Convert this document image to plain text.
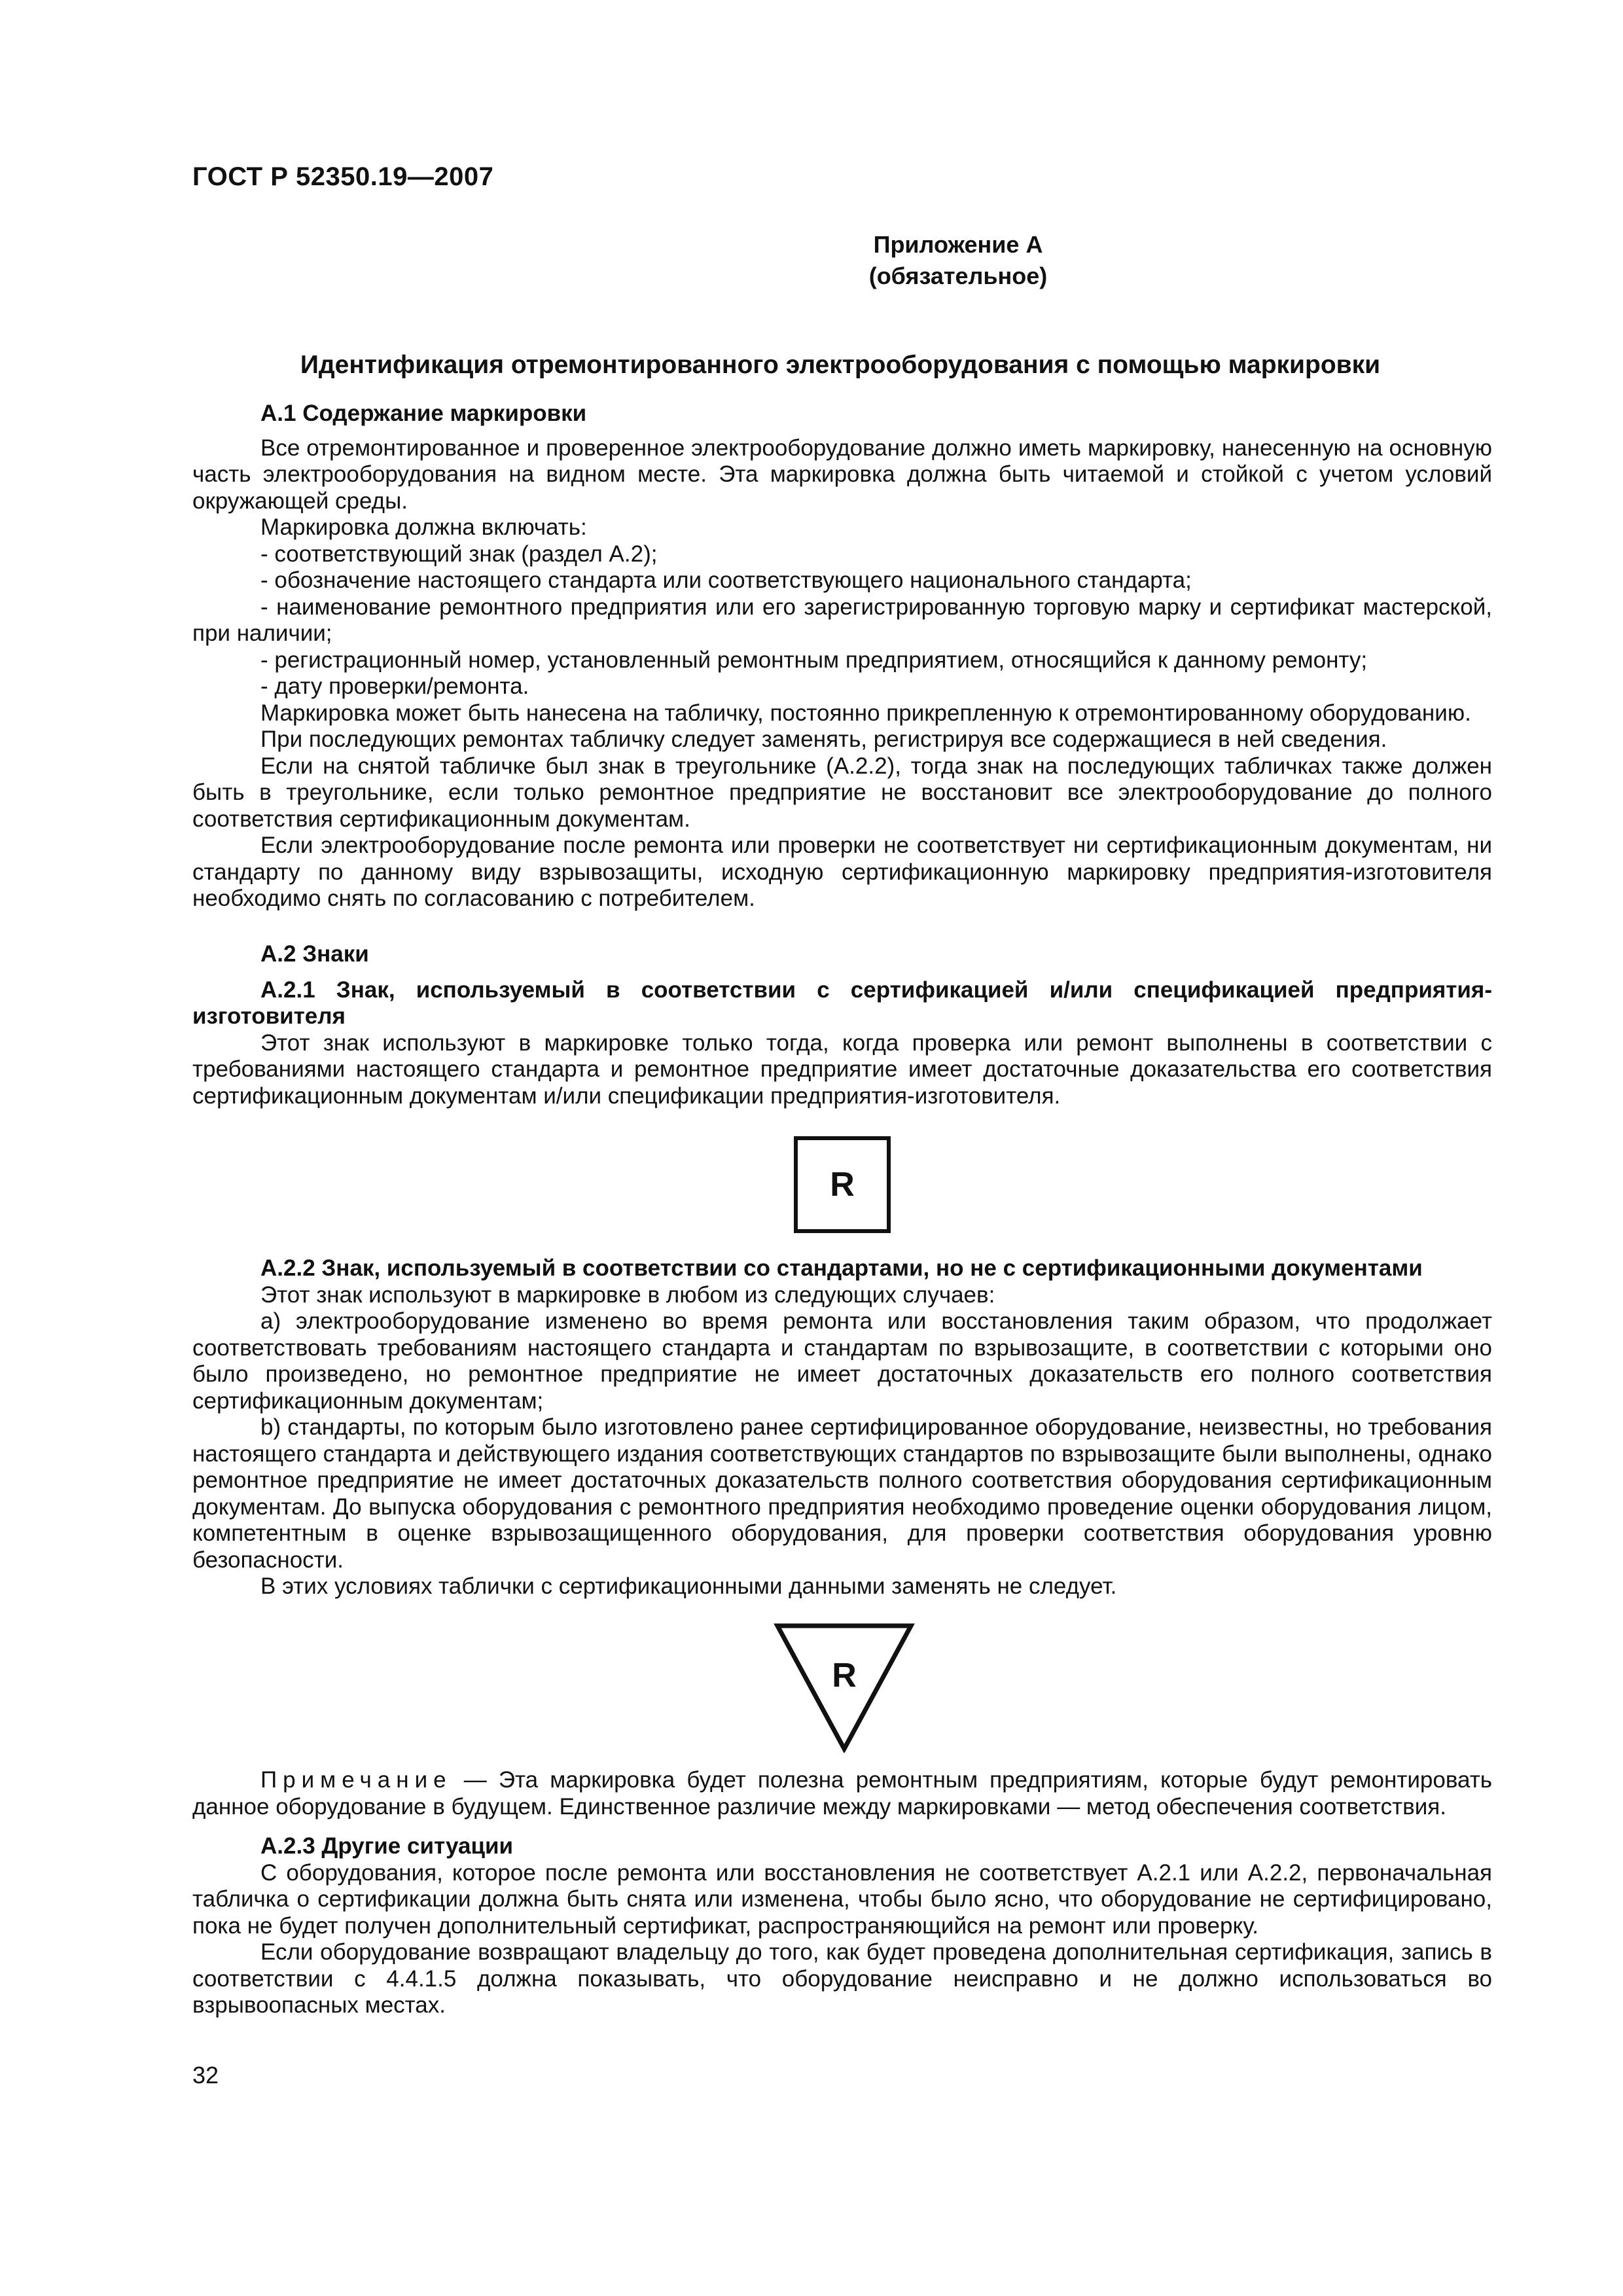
ГОСТ Р 52350.19—2007
Приложение А
(обязательное)
Идентификация отремонтированного электрооборудования с помощью маркировки

А.1 Содержание маркировки

Все отремонтированное и проверенное электрооборудование должно иметь маркировку, нанесенную на основную часть электрооборудования на видном месте. Эта маркировка должна быть читаемой и стойкой с учетом условий окружающей среды.

Маркировка должна включать:

- соответствующий знак (раздел А.2);

- обозначение настоящего стандарта или соответствующего национального стандарта;

- наименование ремонтного предприятия или его зарегистрированную торговую марку и сертификат мастерской, при наличии;

- регистрационный номер, установленный ремонтным предприятием, относящийся к данному ремонту;

- дату проверки/ремонта.

Маркировка может быть нанесена на табличку, постоянно прикрепленную к отремонтированному оборудованию.

При последующих ремонтах табличку следует заменять, регистрируя все содержащиеся в ней сведения.

Если на снятой табличке был знак в треугольнике (А.2.2), тогда знак на последующих табличках также должен быть в треугольнике, если только ремонтное предприятие не восстановит все электрооборудование до полного соответствия сертификационным документам.

Если электрооборудование после ремонта или проверки не соответствует ни сертификационным документам, ни стандарту по данному виду взрывозащиты, исходную сертификационную маркировку предприятия-изготовителя необходимо снять по согласованию с потребителем.

А.2 Знаки

А.2.1 Знак, используемый в соответствии с сертификацией и/или спецификацией предприятия-изготовителя

Этот знак используют в маркировке только тогда, когда проверка или ремонт выполнены в соответствии с требованиями настоящего стандарта и ремонтное предприятие имеет достаточные доказательства его соответствия сертификационным документам и/или спецификации предприятия-изготовителя.

R

А.2.2 Знак, используемый в соответствии со стандартами, но не с сертификационными документами

Этот знак используют в маркировке в любом из следующих случаев:

а) электрооборудование изменено во время ремонта или восстановления таким образом, что продолжает соответствовать требованиям настоящего стандарта и стандартам по взрывозащите, в соответствии с которыми оно было произведено, но ремонтное предприятие не имеет достаточных доказательств его полного соответствия сертификационным документам;

b) стандарты, по которым было изготовлено ранее сертифицированное оборудование, неизвестны, но требования настоящего стандарта и действующего издания соответствующих стандартов по взрывозащите были выполнены, однако ремонтное предприятие не имеет достаточных доказательств полного соответствия оборудования сертификационным документам. До выпуска оборудования с ремонтного предприятия необходимо проведение оценки оборудования лицом, компетентным в оценке взрывозащищенного оборудования, для проверки соответствия оборудования уровню безопасности.

В этих условиях таблички с сертификационными данными заменять не следует.

R

Примечание — Эта маркировка будет полезна ремонтным предприятиям, которые будут ремонтировать данное оборудование в будущем. Единственное различие между маркировками — метод обеспечения соответствия.

А.2.3 Другие ситуации

С оборудования, которое после ремонта или восстановления не соответствует А.2.1 или А.2.2, первоначальная табличка о сертификации должна быть снята или изменена, чтобы было ясно, что оборудование не сертифицировано, пока не будет получен дополнительный сертификат, распространяющийся на ремонт или проверку.

Если оборудование возвращают владельцу до того, как будет проведена дополнительная сертификация, запись в соответствии с 4.4.1.5 должна показывать, что оборудование неисправно и не должно использоваться во взрывоопасных местах.

32
